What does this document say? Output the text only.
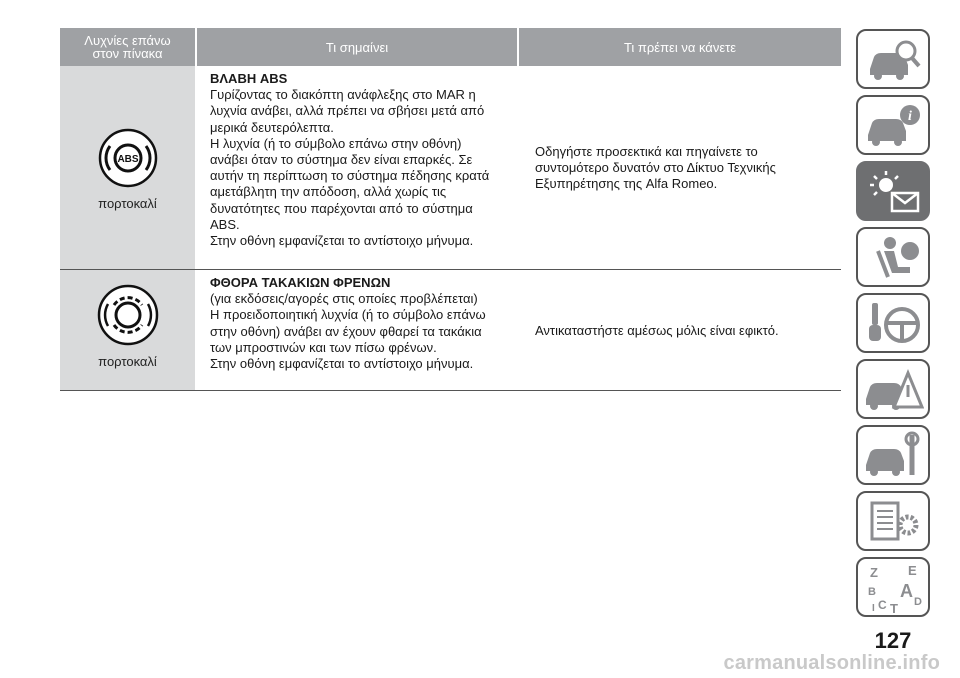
Λυχνίες επάνω
στον πίνακα	Τι σημαίνει	Τι πρέπει να κάνετε
ABS
πορτοκαλί
ΒΛΑΒΗ ABS
Γυρίζοντας το διακόπτη ανάφλεξης στο MAR η
λυχνία ανάβει, αλλά πρέπει να σβήσει μετά από
μερικά δευτερόλεπτα.
Η λυχνία (ή το σύμβολο επάνω στην οθόνη)
ανάβει όταν το σύστημα δεν είναι επαρκές. Σε
αυτήν τη περίπτωση το σύστημα πέδησης κρατά
αμετάβλητη την απόδοση, αλλά χωρίς τις
δυνατότητες που παρέχονται από το σύστημα
ABS.
Στην οθόνη εμφανίζεται το αντίστοιχο μήνυμα.
Οδηγήστε προσεκτικά και πηγαίνετε το
συντομότερο δυνατόν στο Δίκτυο Τεχνικής
Εξυπηρέτησης της Alfa Romeo.
πορτοκαλί
ΦΘΟΡΑ ΤΑΚΑΚΙΩΝ ΦΡΕΝΩΝ
(για εκδόσεις/αγορές στις οποίες προβλέπεται)
Η προειδοποιητική λυχνία (ή το σύμβολο επάνω
στην οθόνη) ανάβει αν έχουν φθαρεί τα τακάκια
των μπροστινών και των πίσω φρένων.
Στην οθόνη εμφανίζεται το αντίστοιχο μήνυμα.
Αντικαταστήστε αμέσως μόλις είναι εφικτό.
i
Z E
B A
D
C T
I
127
carmanualsonline.info
